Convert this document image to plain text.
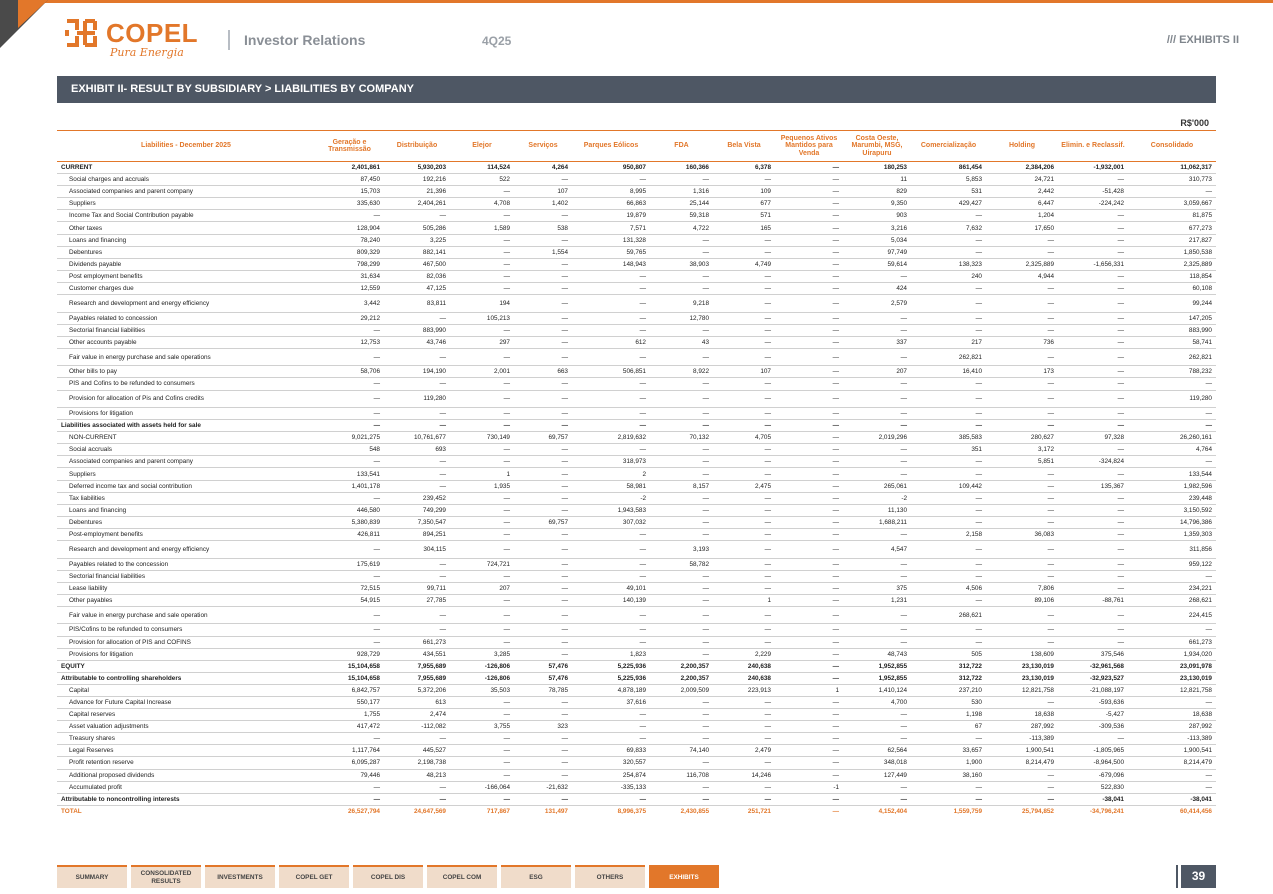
COPEL
Pura Energia
Investor Relations	4Q25	/// EXHIBITS II
EXHIBIT II- RESULT BY SUBSIDIARY > LIABILITIES BY COMPANY
R$'000
Liabilities - December 2025	Geração e Transmissão	Distribuição	Elejor	Serviços	Parques Eólicos	FDA	Bela Vista	Pequenos Ativos Mantidos para Venda	Costa Oeste, Marumbi, MSG, Uirapuru	Comercialização	Holding	Elimin. e Reclassif.	Consolidado
CURRENT	2,401,861	5,930,203	114,524	4,264	950,807	160,366	6,378	—	180,253	861,454	2,384,206	-1,932,001	11,062,317
Social charges and accruals	87,450	192,216	522	—	—	—	—	—	11	5,853	24,721	—	310,773
Associated companies and parent company	15,703	21,396	—	107	8,995	1,316	109	—	829	531	2,442	-51,428	—
Suppliers	335,630	2,404,261	4,708	1,402	66,863	25,144	677	—	9,350	429,427	6,447	-224,242	3,059,667
Income Tax and Social Contribution payable	—	—	—	—	19,879	59,318	571	—	903	—	1,204	—	81,875
Other taxes	128,904	505,286	1,589	538	7,571	4,722	165	—	3,216	7,632	17,650	—	677,273
Loans and financing	78,240	3,225	—	—	131,328	—	—	—	5,034	—	—	—	217,827
Debentures	809,329	882,141	—	1,554	59,765	—	—	—	97,749	—	—	—	1,850,538
Dividends payable	798,299	467,500	—	—	148,943	38,903	4,749	—	59,614	138,323	2,325,889	-1,656,331	2,325,889
Post employment benefits	31,634	82,036	—	—	—	—	—	—	—	240	4,944	—	118,854
Customer charges due	12,559	47,125	—	—	—	—	—	—	424	—	—	—	60,108
Research and development and energy efficiency	3,442	83,811	194	—	—	9,218	—	—	2,579	—	—	—	99,244
Payables related to concession	29,212	—	105,213	—	—	12,780	—	—	—	—	—	—	147,205
Sectorial financial liabilities	—	883,990	—	—	—	—	—	—	—	—	—	—	883,990
Other accounts payable	12,753	43,746	297	—	612	43	—	—	337	217	736	—	58,741
Fair value in energy purchase and sale operations	—	—	—	—	—	—	—	—	—	262,821	—	—	262,821
Other bills to pay	58,706	194,190	2,001	663	506,851	8,922	107	—	207	16,410	173	—	788,232
PIS and Cofins to be refunded to consumers	—	—	—	—	—	—	—	—	—	—	—	—	—
Provision for allocation of Pis and Cofins credits	—	119,280	—	—	—	—	—	—	—	—	—	—	119,280
Provisions for litigation	—	—	—	—	—	—	—	—	—	—	—	—	—
Liabilities associated with assets held for sale	—	—	—	—	—	—	—	—	—	—	—	—	—
NON-CURRENT	9,021,275	10,761,677	730,149	69,757	2,819,632	70,132	4,705	—	2,019,296	385,583	280,627	97,328	26,260,161
Social accruals	548	693	—	—	—	—	—	—	—	351	3,172	—	4,764
Associated companies and parent company	—	—	—	—	318,973	—	—	—	—	—	5,851	-324,824	—
Suppliers	133,541	—	1	—	2	—	—	—	—	—	—	—	133,544
Deferred income tax and social contribution	1,401,178	—	1,935	—	58,981	8,157	2,475	—	265,061	109,442	—	135,367	1,982,596
Tax liabilities	—	239,452	—	—	-2	—	—	—	-2	—	—	—	239,448
Loans and financing	446,580	749,299	—	—	1,943,583	—	—	—	11,130	—	—	—	3,150,592
Debentures	5,380,839	7,350,547	—	69,757	307,032	—	—	—	1,688,211	—	—	—	14,796,386
Post-employment benefits	426,811	894,251	—	—	—	—	—	—	—	2,158	36,083	—	1,359,303
Research and development and energy efficiency	—	304,115	—	—	—	3,193	—	—	4,547	—	—	—	311,856
Payables related to the concession	175,619	—	724,721	—	—	58,782	—	—	—	—	—	—	959,122
Sectorial financial liabilities	—	—	—	—	—	—	—	—	—	—	—	—	—
Lease liability	72,515	99,711	207	—	49,101	—	—	—	375	4,506	7,806	—	234,221
Other payables	54,915	27,785	—	—	140,139	—	1	—	1,231	—	89,106	-88,761	268,621
Fair value in energy purchase and sale operation	—	—	—	—	—	—	—	—	—	268,621	—	—	224,415
PIS/Cofins to be refunded to consumers	—	—	—	—	—	—	—	—	—	—	—	—	—
Provision for allocation of PIS and COFINS	—	661,273	—	—	—	—	—	—	—	—	—	—	661,273
Provisions for litigation	928,729	434,551	3,285	—	1,823	—	2,229	—	48,743	505	138,609	375,546	1,934,020
EQUITY	15,104,658	7,955,689	-126,806	57,476	5,225,936	2,200,357	240,638	—	1,952,855	312,722	23,130,019	-32,961,568	23,091,978
Attributable to controlling shareholders	15,104,658	7,955,689	-126,806	57,476	5,225,936	2,200,357	240,638	—	1,952,855	312,722	23,130,019	-32,923,527	23,130,019
Capital	6,842,757	5,372,206	35,503	78,785	4,878,189	2,009,509	223,913	1	1,410,124	237,210	12,821,758	-21,088,197	12,821,758
Advance for Future Capital Increase	550,177	613	—	—	37,616	—	—	—	4,700	530	—	-593,636	—
Capital reserves	1,755	2,474	—	—	—	—	—	—	—	1,198	18,638	-5,427	18,638
Asset valuation adjustments	417,472	-112,082	3,755	323	—	—	—	—	—	67	287,992	-309,536	287,992
Treasury shares	—	—	—	—	—	—	—	—	—	—	-113,389	—	-113,389
Legal Reserves	1,117,764	445,527	—	—	69,833	74,140	2,479	—	62,564	33,657	1,900,541	-1,805,965	1,900,541
Profit retention reserve	6,095,287	2,198,738	—	—	320,557	—	—	—	348,018	1,900	8,214,479	-8,964,500	8,214,479
Additional proposed dividends	79,446	48,213	—	—	254,874	116,708	14,246	—	127,449	38,160	—	-679,096	—
Accumulated profit	—	—	-166,064	-21,632	-335,133	—	—	-1	—	—	—	522,830	—
Attributable to noncontrolling interests	—	—	—	—	—	—	—	—	—	—	—	-38,041	-38,041
TOTAL	26,527,794	24,647,569	717,867	131,497	8,996,375	2,430,855	251,721	—	4,152,404	1,559,759	25,794,852	-34,796,241	60,414,456
SUMMARY
CONSOLIDATED RESULTS
INVESTMENTS	COPEL GET	COPEL DIS	COPEL COM	ESG	OTHERS	EXHIBITS	39
